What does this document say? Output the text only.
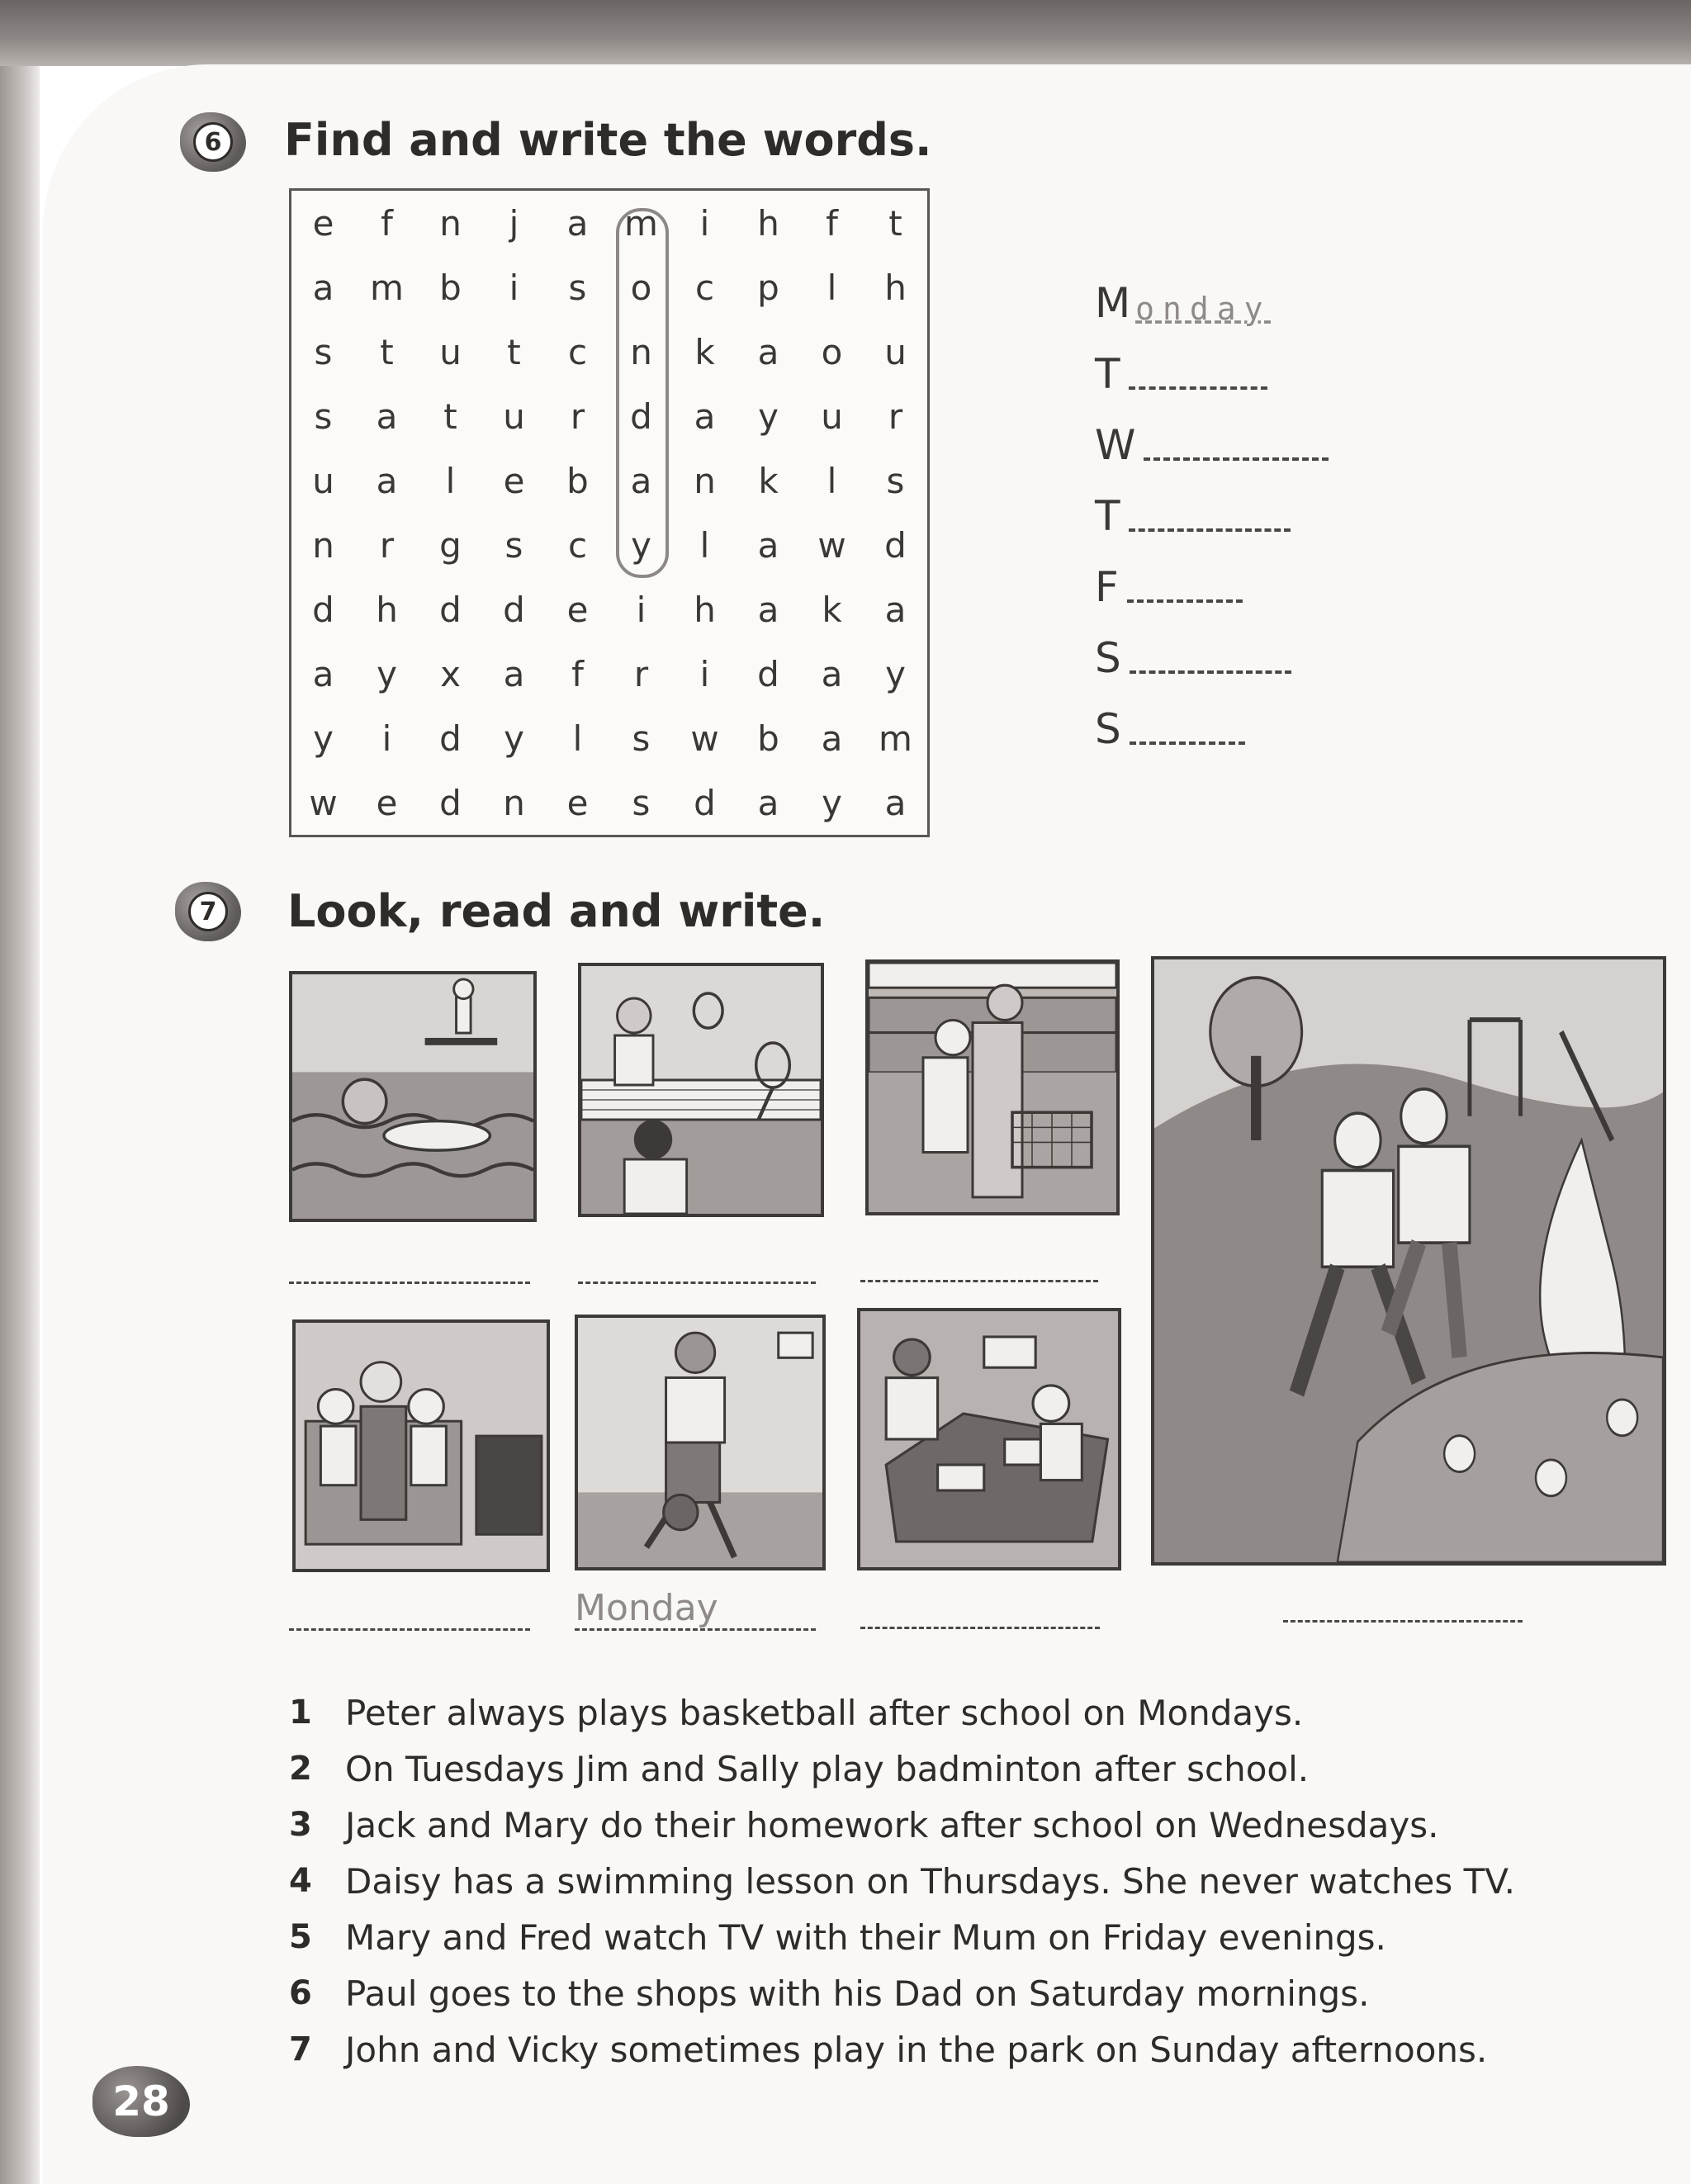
6 Find and write the words.
e	f	n	j	a	m	i	h	f	t
a	m	b	i	s	o	c	p	l	h
s	t	u	t	c	n	k	a	o	u
s	a	t	u	r	d	a	y	u	r
u	a	l	e	b	a	n	k	l	s
n	r	g	s	c	y	l	a	w	d
d	h	d	d	e	i	h	a	k	a
a	y	x	a	f	r	i	d	a	y
y	i	d	y	l	s	w	b	a	m
w	e	d	n	e	s	d	a	y	a
M onday
T
W
T
F
S
S
7 Look, read and write.
Monday
1 Peter always plays basketball after school on Mondays.
2 On Tuesdays Jim and Sally play badminton after school.
3 Jack and Mary do their homework after school on Wednesdays.
4 Daisy has a swimming lesson on Thursdays. She never watches TV.
5 Mary and Fred watch TV with their Mum on Friday evenings.
6 Paul goes to the shops with his Dad on Saturday mornings.
7 John and Vicky sometimes play in the park on Sunday afternoons.
28
